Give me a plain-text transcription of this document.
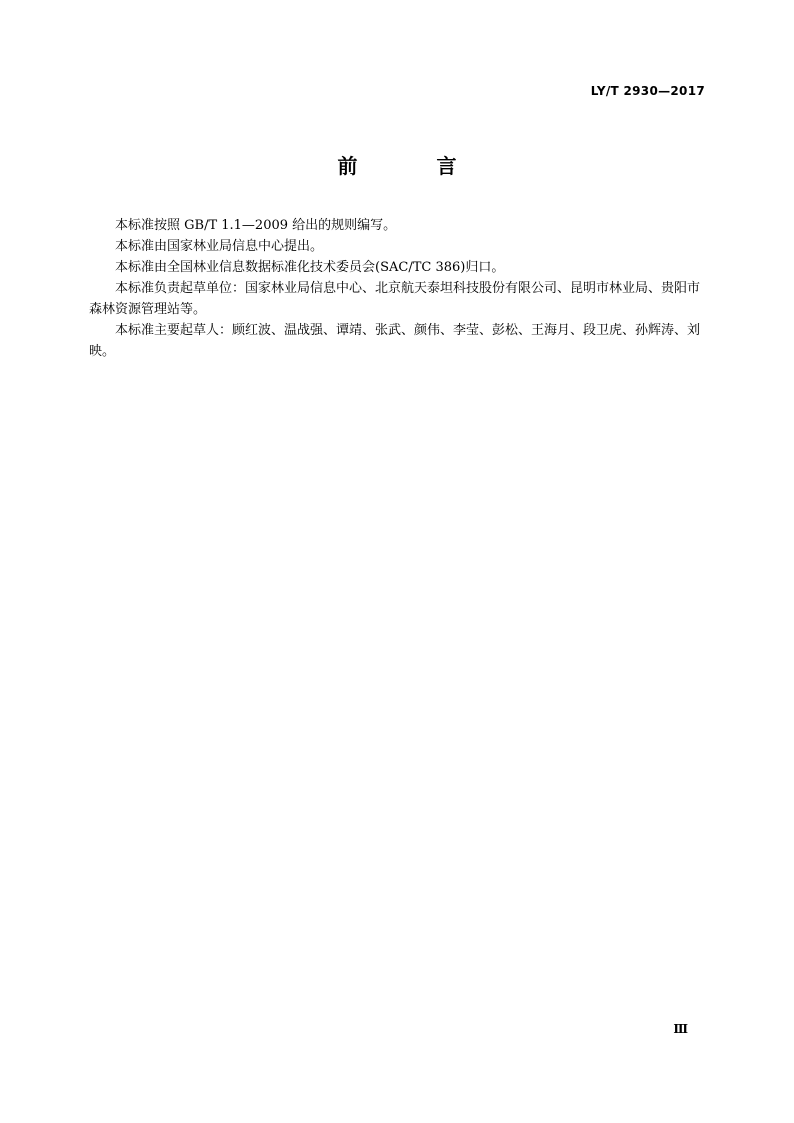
LY/T 2930—2017
前 言

本标准按照 GB/T 1.1—2009 给出的规则编写。

本标准由国家林业局信息中心提出。

本标准由全国林业信息数据标准化技术委员会(SAC/TC 386)归口。

本标准负责起草单位：国家林业局信息中心、北京航天泰坦科技股份有限公司、昆明市林业局、贵阳市森林资源管理站等。

本标准主要起草人：顾红波、温战强、谭靖、张武、颜伟、李莹、彭松、王海月、段卫虎、孙辉涛、刘映。

Ⅲ
